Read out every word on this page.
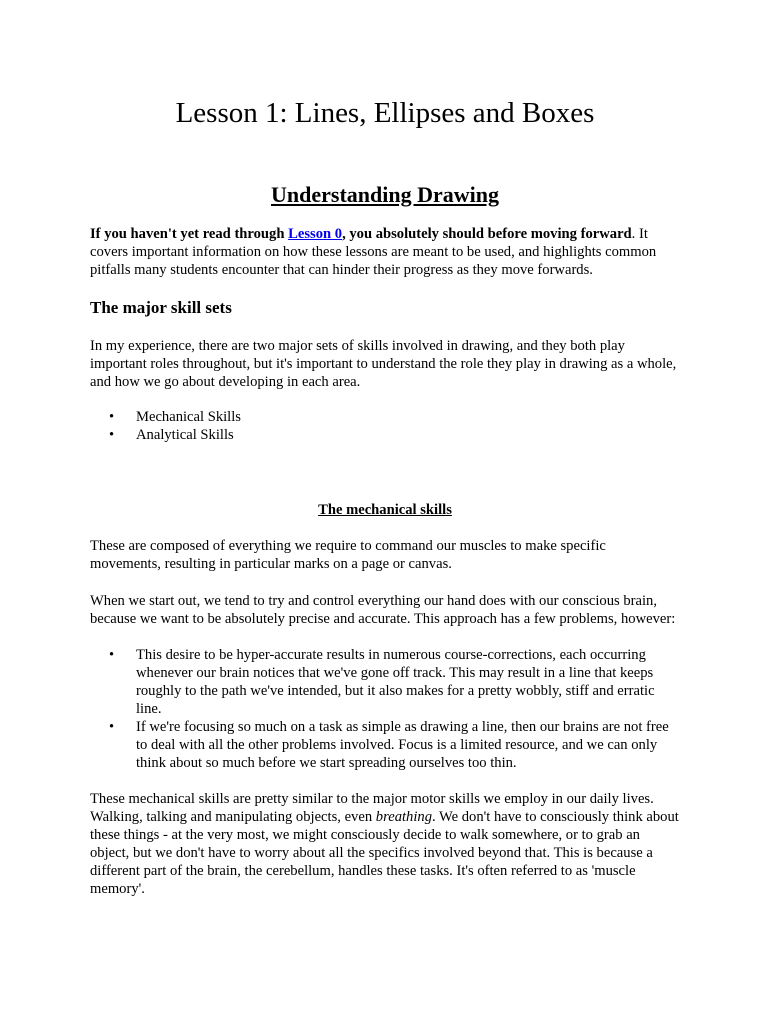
Lesson 1: Lines, Ellipses and Boxes
Understanding Drawing

If you haven't yet read through Lesson 0, you absolutely should before moving forward. It covers important information on how these lessons are meant to be used, and highlights common pitfalls many students encounter that can hinder their progress as they move forwards.

The major skill sets

In my experience, there are two major sets of skills involved in drawing, and they both play important roles throughout, but it's important to understand the role they play in drawing as a whole, and how we go about developing in each area.

• Mechanical Skills
• Analytical Skills
The mechanical skills

These are composed of everything we require to command our muscles to make specific movements, resulting in particular marks on a page or canvas.

When we start out, we tend to try and control everything our hand does with our conscious brain, because we want to be absolutely precise and accurate. This approach has a few problems, however:

• This desire to be hyper-accurate results in numerous course-corrections, each occurring whenever our brain notices that we've gone off track. This may result in a line that keeps roughly to the path we've intended, but it also makes for a pretty wobbly, stiff and erratic line.
• If we're focusing so much on a task as simple as drawing a line, then our brains are not free to deal with all the other problems involved. Focus is a limited resource, and we can only think about so much before we start spreading ourselves too thin.

These mechanical skills are pretty similar to the major motor skills we employ in our daily lives. Walking, talking and manipulating objects, even breathing. We don't have to consciously think about these things - at the very most, we might consciously decide to walk somewhere, or to grab an object, but we don't have to worry about all the specifics involved beyond that. This is because a different part of the brain, the cerebellum, handles these tasks. It's often referred to as 'muscle memory'.
